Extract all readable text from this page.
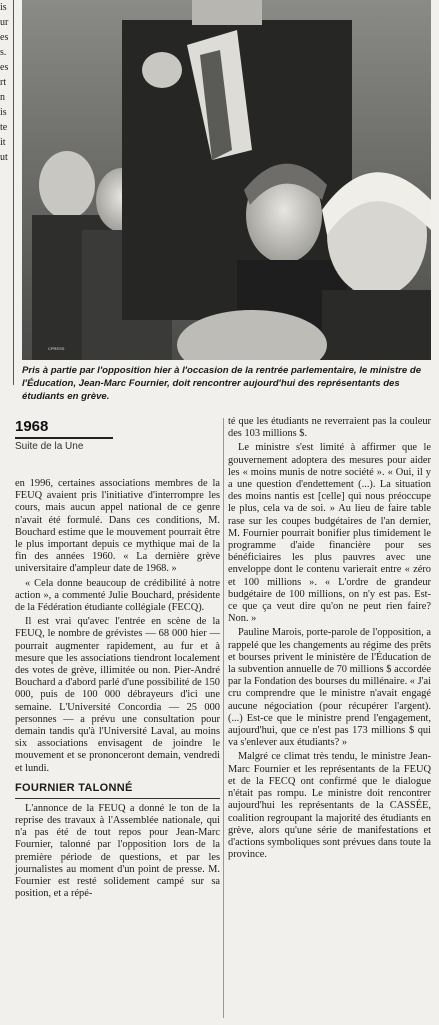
is
ur
es
s.
es
rt
n
is
te
it
ut
CPRESS
Pris à partie par l'opposition hier à l'occasion de la rentrée parlementaire, le ministre de l'Éducation, Jean-Marc Fournier, doit rencontrer aujourd'hui des représentants des étudiants en grève.
1968
Suite de la Une

en 1996, certaines associations membres de la FEUQ avaient pris l'initiative d'interrompre les cours, mais aucun appel national de ce genre n'avait été formulé. Dans ces conditions, M. Bouchard estime que le mouvement pourrait être le plus important depuis ce mythique mai de la fin des années 1960. « La dernière grève universitaire d'ampleur date de 1968. »

« Cela donne beaucoup de crédibilité à notre action », a commenté Julie Bouchard, présidente de la Fédération étudiante collégiale (FECQ).

Il est vrai qu'avec l'entrée en scène de la FEUQ, le nombre de grévistes — 68 000 hier — pourrait augmenter rapidement, au fur et à mesure que les associations tiendront localement des votes de grève, illimitée ou non. Pier-André Bouchard a d'abord parlé d'une possibilité de 150 000, puis de 100 000 débrayeurs d'ici une semaine. L'Université Concordia — 25 000 personnes — a prévu une consultation pour demain tandis qu'à l'Université Laval, au moins six associations envisagent de joindre le mouvement et se prononceront demain, vendredi et lundi.

FOURNIER TALONNÉ

L'annonce de la FEUQ a donné le ton de la reprise des travaux à l'Assemblée nationale, qui n'a pas été de tout repos pour Jean-Marc Fournier, talonné par l'opposition lors de la première période de questions, et par les journalistes au moment d'un point de presse. M. Fournier est resté solidement campé sur sa position, et a répé-

té que les étudiants ne reverraient pas la couleur des 103 millions $.

Le ministre s'est limité à affirmer que le gouvernement adoptera des mesures pour aider les « moins munis de notre société ». « Oui, il y a une question d'endettement (...). La situation des moins nantis est [celle] qui nous préoccupe le plus, cela va de soi. » Au lieu de faire table rase sur les coupes budgétaires de l'an dernier, M. Fournier pourrait bonifier plus timidement le programme d'aide financière pour ses bénéficiaires les plus pauvres avec une enveloppe dont le contenu varierait entre « zéro et 100 millions ». « L'ordre de grandeur budgétaire de 100 millions, on n'y est pas. Est-ce que ça veut dire qu'on ne peut rien faire? Non. »

Pauline Marois, porte-parole de l'opposition, a rappelé que les changements au régime des prêts et bourses privent le ministère de l'Éducation de la subvention annuelle de 70 millions $ accordée par la Fondation des bourses du millénaire. « J'ai cru comprendre que le ministre n'avait engagé aucune négociation (pour récupérer l'argent). (...) Est-ce que le ministre prend l'engagement, aujourd'hui, que ce n'est pas 173 millions $ qui va s'enlever aux étudiants? »

Malgré ce climat très tendu, le ministre Jean-Marc Fournier et les représentants de la FEUQ et de la FECQ ont confirmé que le dialogue n'était pas rompu. Le ministre doit rencontrer aujourd'hui les représentants de la CASSÉE, coalition regroupant la majorité des étudiants en grève, alors qu'une série de manifestations et d'actions symboliques sont prévues dans toute la province.
